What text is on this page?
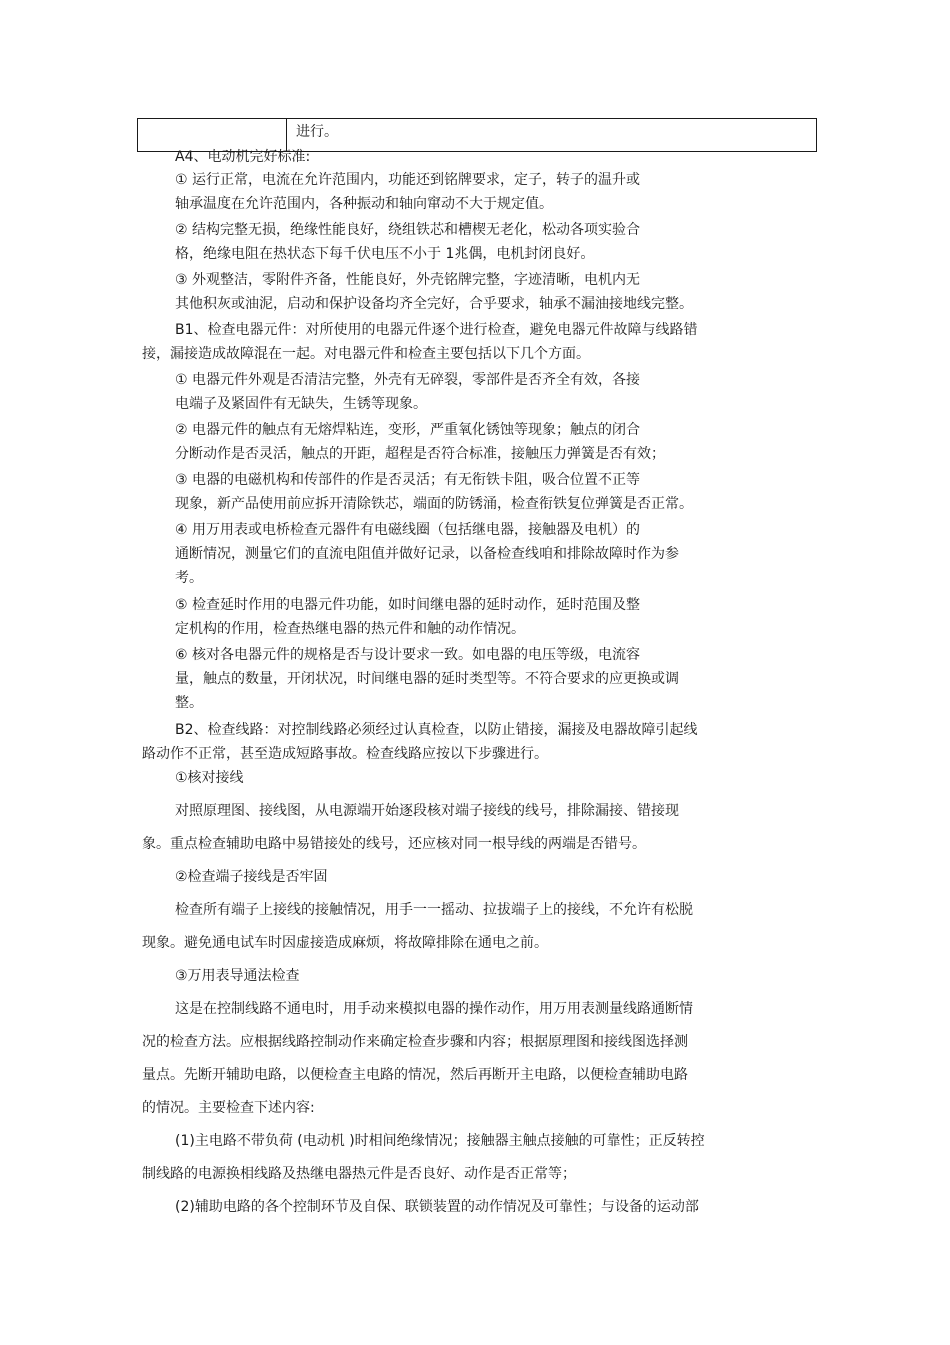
进行。
A4、电动机完好标准:
① 运行正常，电流在允许范围内，功能还到铭牌要求，定子，转子的温升或
轴承温度在允许范围内，各种振动和轴向窜动不大于规定值。
② 结构完整无损，绝缘性能良好，绕组铁芯和槽楔无老化，松动各项实验合
格，绝缘电阻在热状态下每千伏电压不小于 1兆偶，电机封闭良好。
③ 外观整洁，零附件齐备，性能良好，外壳铭牌完整，字迹清晰，电机内无
其他积灰或油泥，启动和保护设备均齐全完好，合乎要求，轴承不漏油接地线完整。
B1、检查电器元件：对所使用的电器元件逐个进行检查，避免电器元件故障与线路错
接，漏接造成故障混在一起。对电器元件和检查主要包括以下几个方面。
① 电器元件外观是否清洁完整，外壳有无碎裂，零部件是否齐全有效，各接
电端子及紧固件有无缺失，生锈等现象。
② 电器元件的触点有无熔焊粘连，变形，严重氧化锈蚀等现象；触点的闭合
分断动作是否灵活，触点的开距，超程是否符合标准，接触压力弹簧是否有效；
③ 电器的电磁机构和传部件的作是否灵活；有无衔铁卡阻，吸合位置不正等
现象，新产品使用前应拆开清除铁芯，端面的防锈涌，检查衔铁复位弹簧是否正常。
④ 用万用表或电桥检查元器件有电磁线圈（包括继电器，接触器及电机）的
通断情况，测量它们的直流电阻值并做好记录，以备检查线咱和排除故障时作为参
考。
⑤ 检查延时作用的电器元件功能，如时间继电器的延时动作，延时范围及整
定机构的作用，检查热继电器的热元件和触的动作情况。
⑥ 核对各电器元件的规格是否与设计要求一致。如电器的电压等级，电流容
量，触点的数量，开闭状况，时间继电器的延时类型等。不符合要求的应更换或调
整。
B2、检查线路：对控制线路必须经过认真检查，以防止错接，漏接及电器故障引起线
路动作不正常，甚至造成短路事故。检查线路应按以下步骤进行。
①核对接线
对照原理图、接线图，从电源端开始逐段核对端子接线的线号，排除漏接、错接现
象。重点检查辅助电路中易错接处的线号，还应核对同一根导线的两端是否错号。
②检查端子接线是否牢固
检查所有端子上接线的接触情况，用手一一摇动、拉拔端子上的接线，不允许有松脱
现象。避免通电试车时因虚接造成麻烦，将故障排除在通电之前。
③万用表导通法检查
这是在控制线路不通电时，用手动来模拟电器的操作动作，用万用表测量线路通断情
况的检查方法。应根据线路控制动作来确定检查步骤和内容；根据原理图和接线图选择测
量点。先断开辅助电路，以便检查主电路的情况，然后再断开主电路，以便检查辅助电路
的情况。主要检查下述内容:
(1)主电路不带负荷 (电动机 )时相间绝缘情况；接触器主触点接触的可靠性；正反转控
制线路的电源换相线路及热继电器热元件是否良好、动作是否正常等；
(2)辅助电路的各个控制环节及自保、联锁装置的动作情况及可靠性；与设备的运动部
